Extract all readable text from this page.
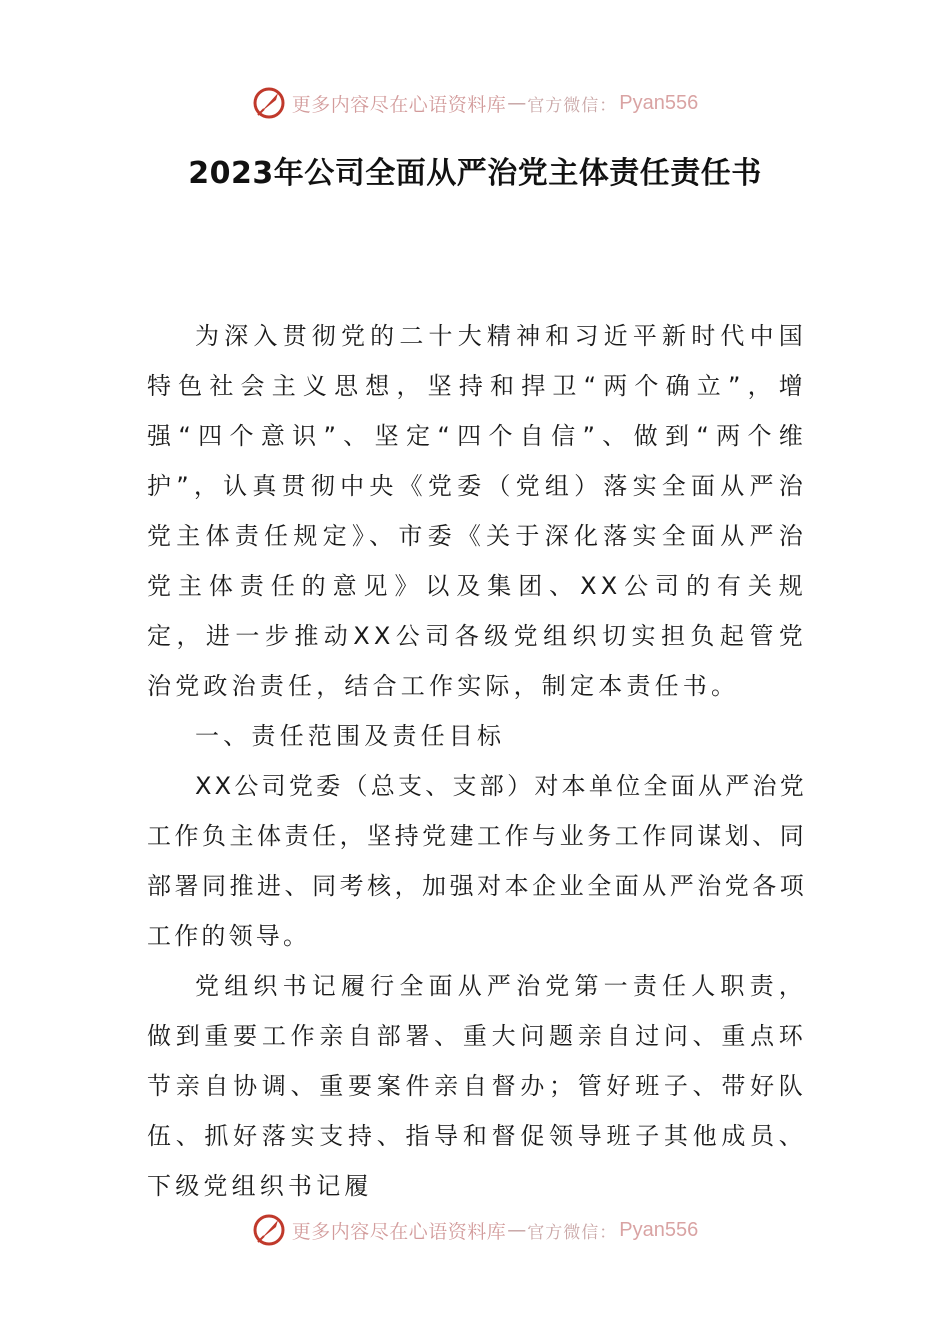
更多内容尽在心语资料库 — 官方微信： Pyan556
2023年公司全面从严治党主体责任责任书

为深入贯彻党的二十大精神和习近平新时代中国特色社会主义思想，坚持和捍卫“两个确立”，增强“四个意识”、坚定“四个自信”、做到“两个维护”，认真贯彻中央《党委（党组）落实全面从严治党主体责任规定》、市委《关于深化落实全面从严治党主体责任的意见》以及集团、XX公司的有关规定，进一步推动XX公司各级党组织切实担负起管党治党政治责任，结合工作实际，制定本责任书。

一、责任范围及责任目标

XX公司党委（总支、支部）对本单位全面从严治党工作负主体责任，坚持党建工作与业务工作同谋划、同部署同推进、同考核，加强对本企业全面从严治党各项工作的领导。

党组织书记履行全面从严治党第一责任人职责，做到重要工作亲自部署、重大问题亲自过问、重点环节亲自协调、重要案件亲自督办；管好班子、带好队伍、抓好落实支持、指导和督促领导班子其他成员、下级党组织书记履

更多内容尽在心语资料库 — 官方微信： Pyan556
